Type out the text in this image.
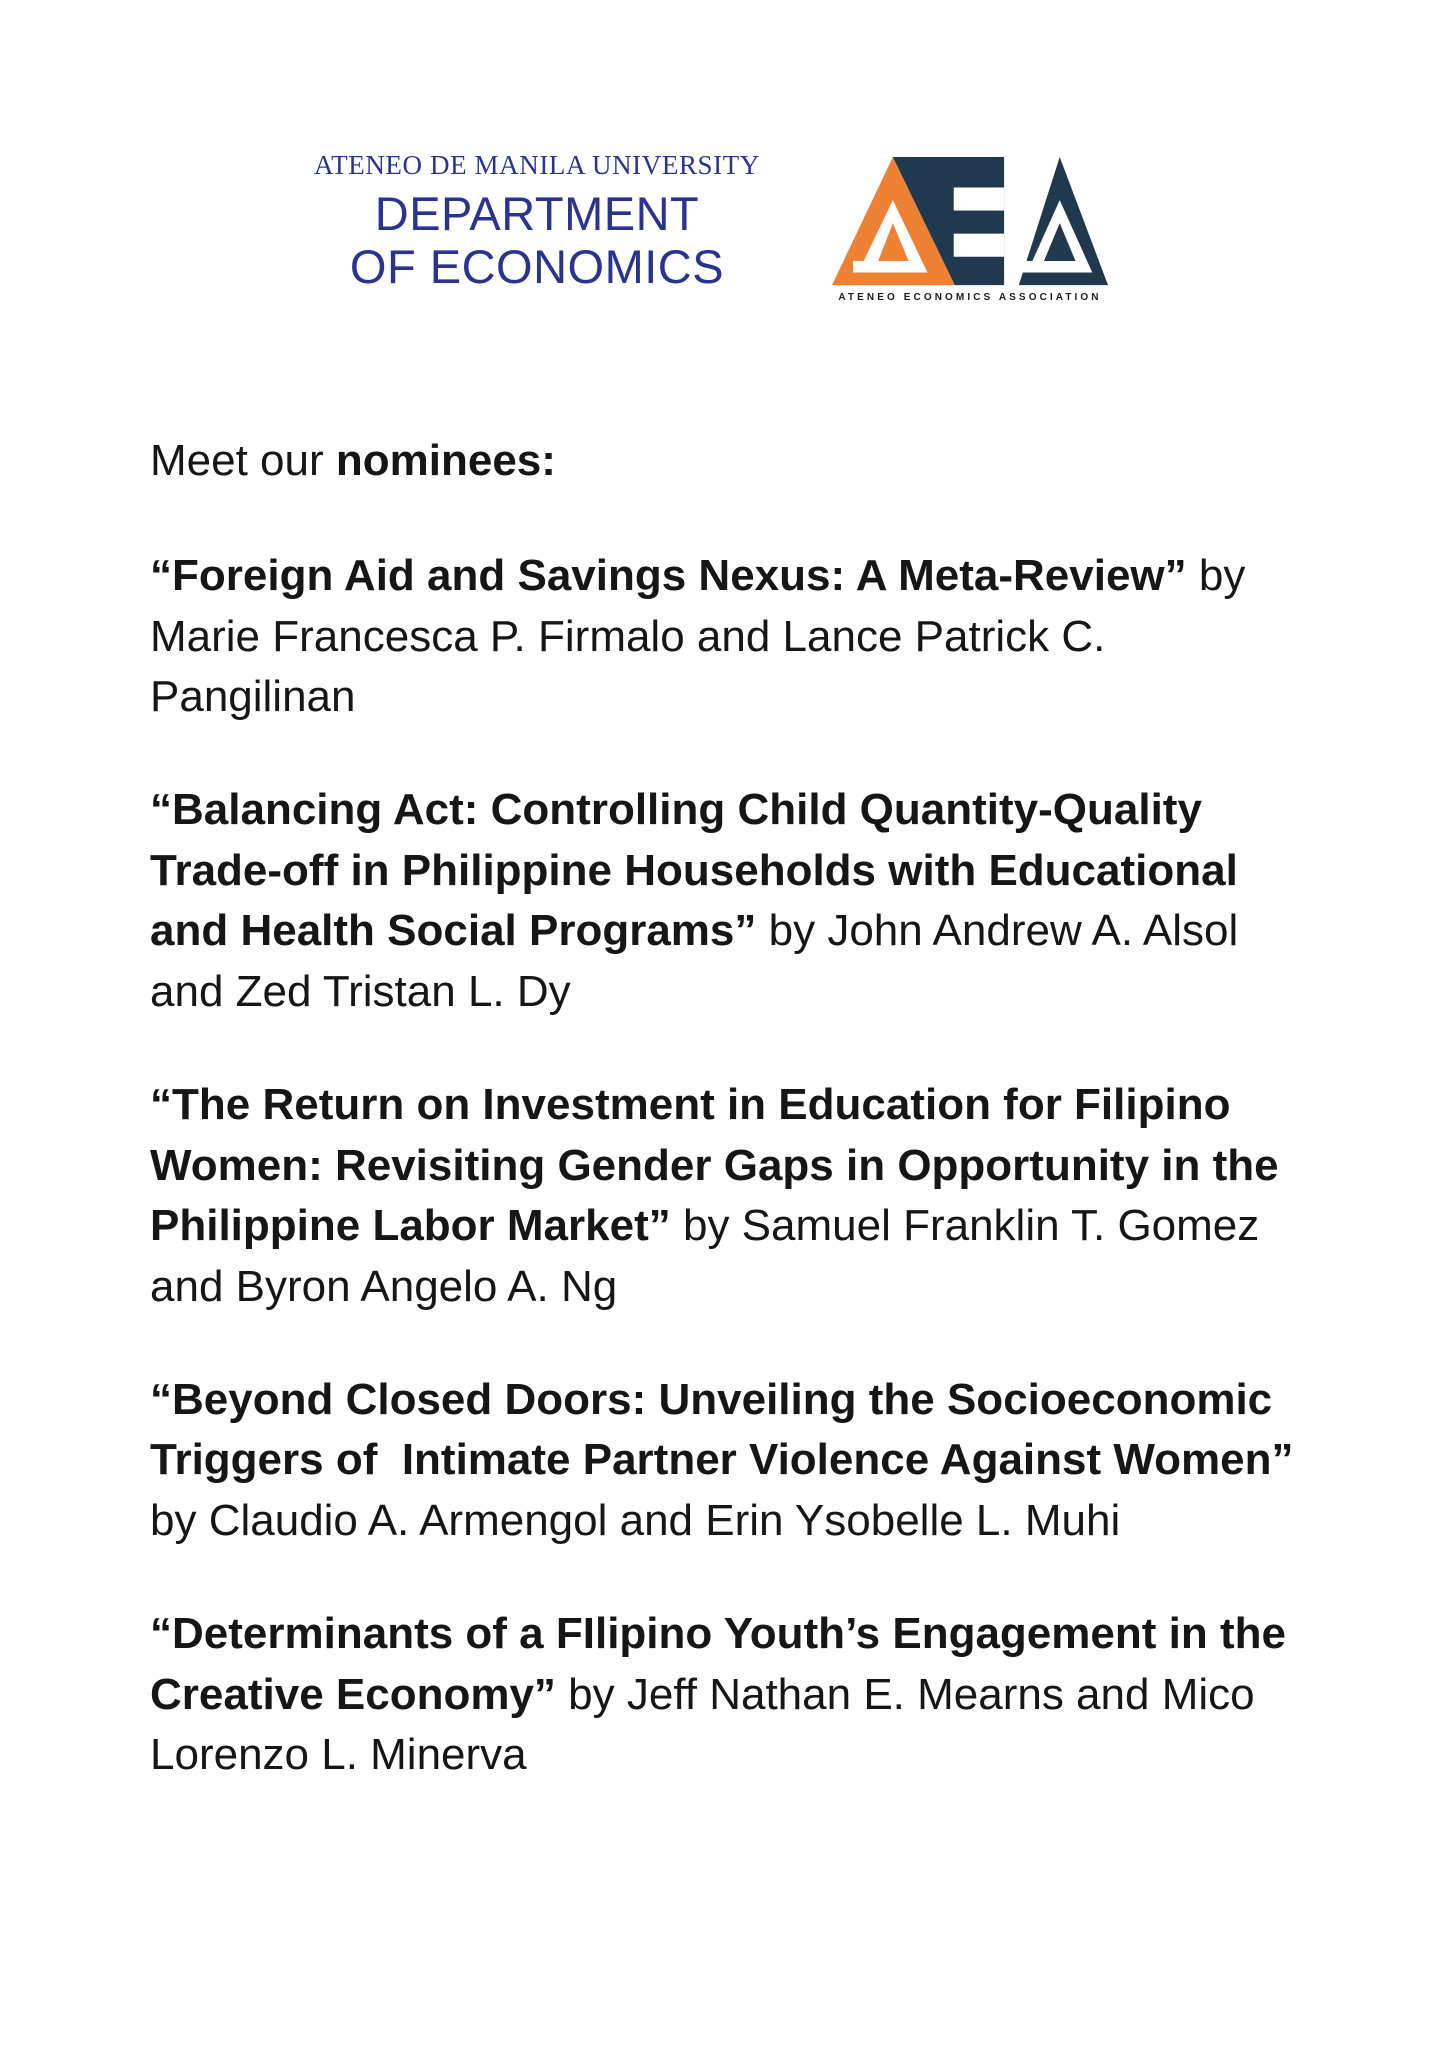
ATENEO DE MANILA UNIVERSITY
DEPARTMENT
OF ECONOMICS
ATENEO ECONOMICS ASSOCIATION

Meet our nominees:

“Foreign Aid and Savings Nexus: A Meta-Review” by Marie Francesca P. Firmalo and Lance Patrick C. Pangilinan

“Balancing Act: Controlling Child Quantity-Quality Trade-off in Philippine Households with Educational and Health Social Programs” by John Andrew A. Alsol and Zed Tristan L. Dy

“The Return on Investment in Education for Filipino Women: Revisiting Gender Gaps in Opportunity in the Philippine Labor Market” by Samuel Franklin T. Gomez and Byron Angelo A. Ng

“Beyond Closed Doors: Unveiling the Socioeconomic Triggers of  Intimate Partner Violence Against Women” by Claudio A. Armengol and Erin Ysobelle L. Muhi

“Determinants of a FIlipino Youth’s Engagement in the Creative Economy” by Jeff Nathan E. Mearns and Mico Lorenzo L. Minerva
